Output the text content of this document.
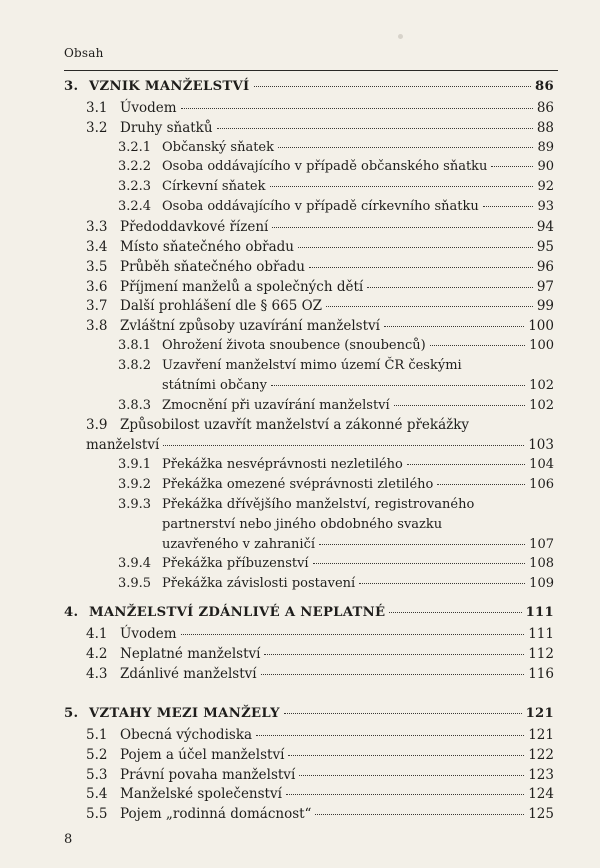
Obsah
3. VZNIK MANŽELSTVÍ	86
3.1 Úvodem	86
3.2 Druhy sňatků	88
3.2.1 Občanský sňatek	89
3.2.2 Osoba oddávajícího v případě občanského sňatku	90
3.2.3 Církevní sňatek	92
3.2.4 Osoba oddávajícího v případě církevního sňatku	93
3.3 Předoddavkové řízení	94
3.4 Místo sňatečného obřadu	95
3.5 Průběh sňatečného obřadu	96
3.6 Příjmení manželů a společných dětí	97
3.7 Další prohlášení dle § 665 OZ	99
3.8 Zvláštní způsoby uzavírání manželství	100
3.8.1 Ohrožení života snoubence (snoubenců)	100
3.8.2 Uzavření manželství mimo území ČR českými
státními občany	102
3.8.3 Zmocnění při uzavírání manželství	102
3.9 Způsobilost uzavřít manželství a zákonné překážky
manželství	103
3.9.1 Překážka nesvéprávnosti nezletilého	104
3.9.2 Překážka omezené svéprávnosti zletilého	106
3.9.3 Překážka dřívějšího manželství, registrovaného
partnerství nebo jiného obdobného svazku
uzavřeného v zahraničí	107
3.9.4 Překážka příbuzenství	108
3.9.5 Překážka závislosti postavení	109
4. MANŽELSTVÍ ZDÁNLIVÉ A NEPLATNÉ	111
4.1 Úvodem	111
4.2 Neplatné manželství	112
4.3 Zdánlivé manželství	116
5. VZTAHY MEZI MANŽELY	121
5.1 Obecná východiska	121
5.2 Pojem a účel manželství	122
5.3 Právní povaha manželství	123
5.4 Manželské společenství	124
5.5 Pojem „rodinná domácnost“	125
8
